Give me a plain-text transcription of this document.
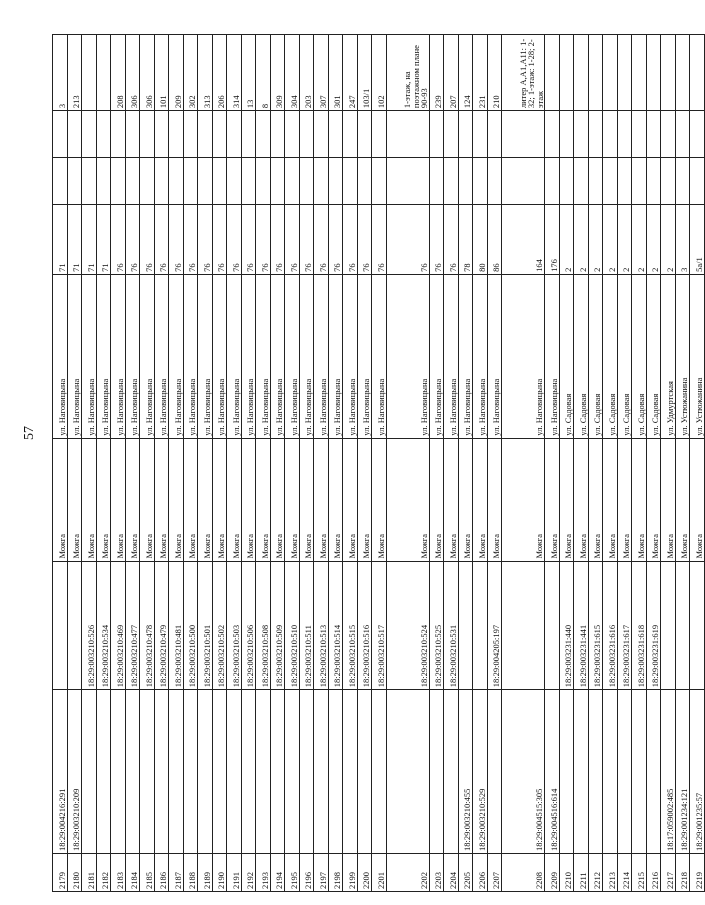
57
2179	18:29:004216:291		Можга	ул. Наговицына	71			3
2180	18:29:003210:209		Можга	ул. Наговицына	71			213
2181		18:29:003210:526	Можга	ул. Наговицына	71			
2182		18:29:003210:534	Можга	ул. Наговицына	71			
2183		18:29:003210:469	Можга	ул. Наговицына	76			208
2184		18:29:003210:477	Можга	ул. Наговицына	76			306
2185		18:29:003210:478	Можга	ул. Наговицына	76			306
2186		18:29:003210:479	Можга	ул. Наговицына	76			101
2187		18:29:003210:481	Можга	ул. Наговицына	76			209
2188		18:29:003210:500	Можга	ул. Наговицына	76			302
2189		18:29:003210:501	Можга	ул. Наговицына	76			313
2190		18:29:003210:502	Можга	ул. Наговицына	76			206
2191		18:29:003210:503	Можга	ул. Наговицына	76			314
2192		18:29:003210:506	Можга	ул. Наговицына	76			13
2193		18:29:003210:508	Можга	ул. Наговицына	76			8
2194		18:29:003210:509	Можга	ул. Наговицына	76			309
2195		18:29:003210:510	Можга	ул. Наговицына	76			304
2196		18:29:003210:511	Можга	ул. Наговицына	76			203
2197		18:29:003210:513	Можга	ул. Наговицына	76			307
2198		18:29:003210:514	Можга	ул. Наговицына	76			301
2199		18:29:003210:515	Можга	ул. Наговицына	76			247
2200		18:29:003210:516	Можга	ул. Наговицына	76			103/1
2201		18:29:003210:517	Можга	ул. Наговицына	76			102
2202		18:29:003210:524	Можга	ул. Наговицына	76			1-этаж, на поэтажном плане 90-93
2203		18:29:003210:525	Можга	ул. Наговицына	76			239
2204		18:29:003210:531	Можга	ул. Наговицына	76			207
2205	18:29:003210:455		Можга	ул. Наговицына	78			124
2206	18:29:003210:529		Можга	ул. Наговицына	80			231
2207		18:29:004205:197	Можга	ул. Наговицына	86			210
2208	18:29:004515:305		Можга	ул. Наговицына	164			литер А,А1,А11: 1-32; 1-этаж: 1-28; 2-этаж
2209	18:29:004516:614		Можга	ул. Наговицына	176			
2210		18:29:003231:440	Можга	ул. Садовая	2			
2211		18:29:003231:441	Можга	ул. Садовая	2			
2212		18:29:003231:615	Можга	ул. Садовая	2			
2213		18:29:003231:616	Можга	ул. Садовая	2			
2214		18:29:003231:617	Можга	ул. Садовая	2			
2215		18:29:003231:618	Можга	ул. Садовая	2			
2216		18:29:003231:619	Можга	ул. Садовая	2			
2217	18:17:059002:485		Можга	ул. Удмуртская	2			
2218	18:29:001234:121		Можга	ул. Устюжанина	3			
2219	18:29:001235:57		Можга	ул. Устюжанина	5а/1			
